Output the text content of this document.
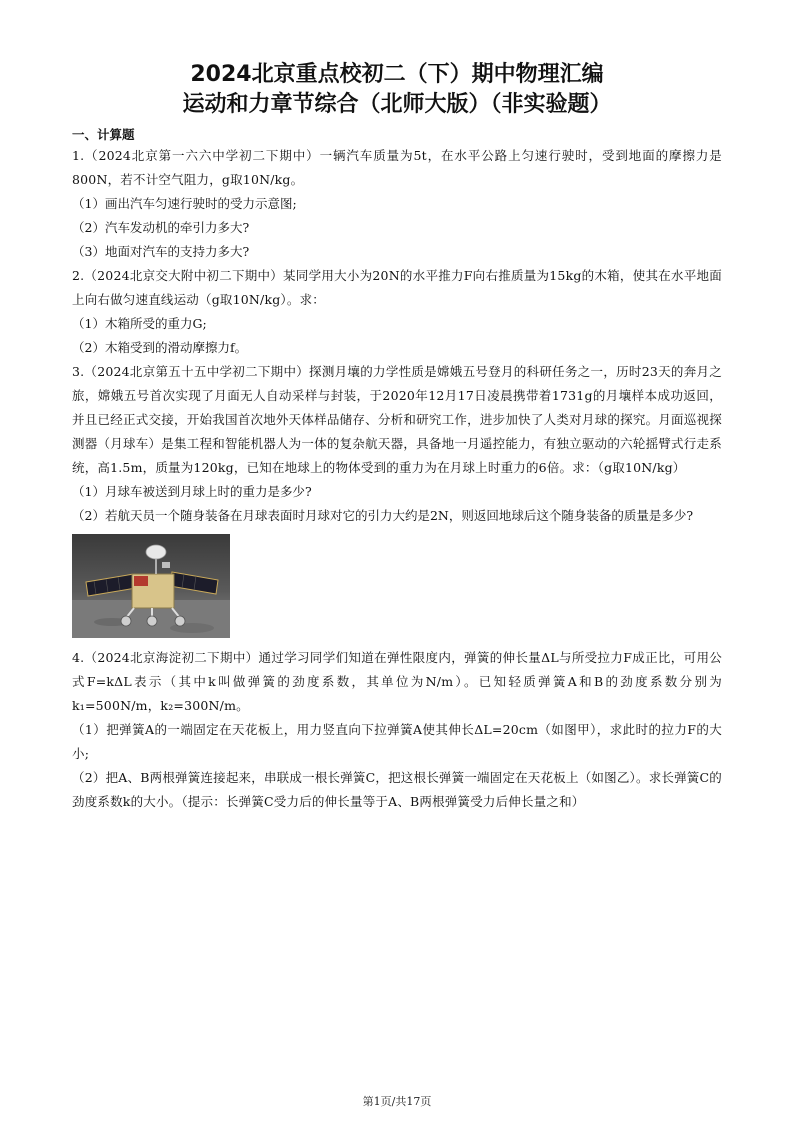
2024北京重点校初二（下）期中物理汇编
运动和力章节综合（北师大版）（非实验题）
一、计算题

1.（2024北京第一六六中学初二下期中）一辆汽车质量为5t，在水平公路上匀速行驶时，受到地面的摩擦力是800N，若不计空气阻力，g取10N/kg。

（1）画出汽车匀速行驶时的受力示意图;

（2）汽车发动机的牵引力多大?

（3）地面对汽车的支持力多大?

2.（2024北京交大附中初二下期中）某同学用大小为20N的水平推力F向右推质量为15kg的木箱，使其在水平地面上向右做匀速直线运动（g取10N/kg）。求：

（1）木箱所受的重力G;

（2）木箱受到的滑动摩擦力f。

3.（2024北京第五十五中学初二下期中）探测月壤的力学性质是嫦娥五号登月的科研任务之一，历时23天的奔月之旅，嫦娥五号首次实现了月面无人自动采样与封装，于2020年12月17日凌晨携带着1731g的月壤样本成功返回，并且已经正式交接，开始我国首次地外天体样品储存、分析和研究工作，进步加快了人类对月球的探究。月面巡视探测器（月球车）是集工程和智能机器人为一体的复杂航天器，具备地一月遥控能力，有独立驱动的六轮摇臂式行走系统，高1.5m，质量为120kg，已知在地球上的物体受到的重力为在月球上时重力的6倍。求：（g取10N/kg）

（1）月球车被送到月球上时的重力是多少?

（2）若航天员一个随身装备在月球表面时月球对它的引力大约是2N，则返回地球后这个随身装备的质量是多少?

4.（2024北京海淀初二下期中）通过学习同学们知道在弹性限度内，弹簧的伸长量ΔL与所受拉力F成正比，可用公式F=kΔL表示（其中k叫做弹簧的劲度系数，其单位为N/m）。已知轻质弹簧A和B的劲度系数分别为k₁=500N/m，k₂=300N/m。

（1）把弹簧A的一端固定在天花板上，用力竖直向下拉弹簧A使其伸长ΔL=20cm（如图甲），求此时的拉力F的大小;

（2）把A、B两根弹簧连接起来，串联成一根长弹簧C，把这根长弹簧一端固定在天花板上（如图乙）。求长弹簧C的劲度系数k的大小。（提示：长弹簧C受力后的伸长量等于A、B两根弹簧受力后伸长量之和）

第1页/共17页
